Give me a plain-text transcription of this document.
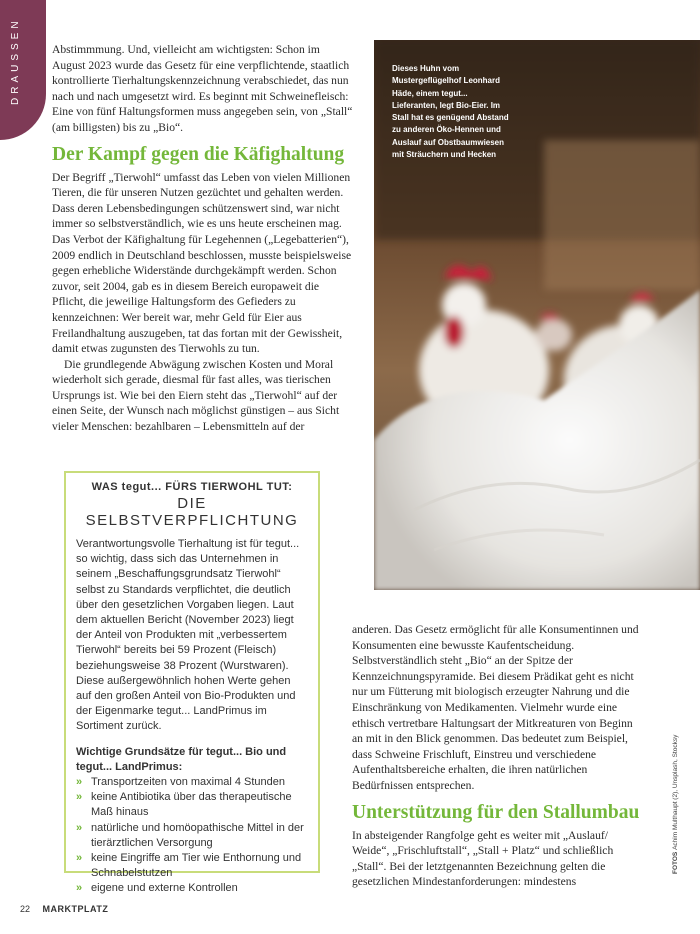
DRAUSSEN	Abstimmmung. Und, vielleicht am wichtigsten: Schon im August 2023 wurde das Gesetz für eine verpflichtende, staatlich kontrollierte Tierhaltungskennzeichnung verabschiedet, das nun nach und nach umgesetzt wird. Es beginnt mit Schweinefleisch: Eine von fünf Haltungsformen muss angegeben sein, von „Stall“ (am billigsten) bis zu „Bio“.

Der Kampf gegen die Käfighaltung

Der Begriff „Tierwohl“ umfasst das Leben von vielen Millionen Tieren, die für unseren Nutzen gezüchtet und gehalten werden. Dass deren Lebensbedingungen schützenswert sind, war nicht immer so selbstverständlich, wie es uns heute erscheinen mag. Das Verbot der Käfighaltung für Legehennen („Legebatterien“), 2009 endlich in Deutschland beschlossen, musste beispielsweise gegen erhebliche Widerstände durchgekämpft werden. Schon zuvor, seit 2004, gab es in diesem Bereich europaweit die Pflicht, die jeweilige Haltungsform des Gefieders zu kennzeichnen: Wer bereit war, mehr Geld für Eier aus Freilandhaltung auszugeben, tat das fortan mit der Gewissheit, damit etwas zugunsten des Tierwohls zu tun.

Die grundlegende Abwägung zwischen Kosten und Moral wiederholt sich gerade, diesmal für fast alles, was tierischen Ursprungs ist. Wie bei den Eiern steht das „Tierwohl“ auf der einen Seite, der Wunsch nach möglichst günstigen – aus Sicht vieler Menschen: bezahlbaren – Lebensmitteln auf der

Dieses Huhn vom Mustergeflügelhof Leonhard Häde, einem tegut... Lieferanten, legt Bio-Eier. Im Stall hat es genügend Abstand zu anderen Öko-Hennen und Auslauf auf Obstbaumwiesen mit Sträuchern und Hecken
WAS tegut... FÜRS TIERWOHL TUT:
DIE SELBSTVERPFLICHTUNG

Verantwortungsvolle Tierhaltung ist für tegut... so wichtig, dass sich das Unternehmen in seinem „Beschaffungsgrundsatz Tierwohl“ selbst zu Standards verpflichtet, die deutlich über den gesetzlichen Vorgaben liegen. Laut dem aktuellen Bericht (November 2023) liegt der Anteil von Produkten mit „verbessertem Tierwohl“ bereits bei 59 Prozent (Fleisch) beziehungsweise 38 Prozent (Wurstwaren). Diese außergewöhnlich hohen Werte gehen auf den großen Anteil von Bio-Produkten und der Eigenmarke tegut... LandPrimus im Sortiment zurück.

Wichtige Grundsätze für tegut... Bio und tegut... LandPrimus:

» Transportzeiten von maximal 4 Stunden
» keine Antibiotika über das therapeutische Maß hinaus
» natürliche und homöopathische Mittel in der tierärztlichen Versorgung
» keine Eingriffe am Tier wie Enthornung und Schnabelstutzen
» eigene und externe Kontrollen

anderen. Das Gesetz ermöglicht für alle Konsumentinnen und Konsumenten eine bewusste Kaufentscheidung. Selbstverständlich steht „Bio“ an der Spitze der Kennzeichnungspyramide. Bei diesem Prädikat geht es nicht nur um Fütterung mit biologisch erzeugter Nahrung und die Einschränkung von Medikamenten. Vielmehr wurde eine ethisch vertretbare Haltungsart der Mitkreaturen von Beginn an mit in den Blick genommen. Das bedeutet zum Beispiel, dass Schweine Frischluft, Einstreu und verschiedene Aufenthaltsbereiche erhalten, die ihren natürlichen Bedürfnissen entsprechen.

Unterstützung für den Stallumbau

In absteigender Rangfolge geht es weiter mit „Auslauf/ Weide“, „Frischluftstall“, „Stall + Platz“ und schließlich „Stall“. Bei der letztgenannten Bezeichnung gelten die gesetzlichen Mindestanforderungen: mindestens

FOTOS Achim Multhaupt (2), Unsplash, Stocksy
22 MARKTPLATZ
